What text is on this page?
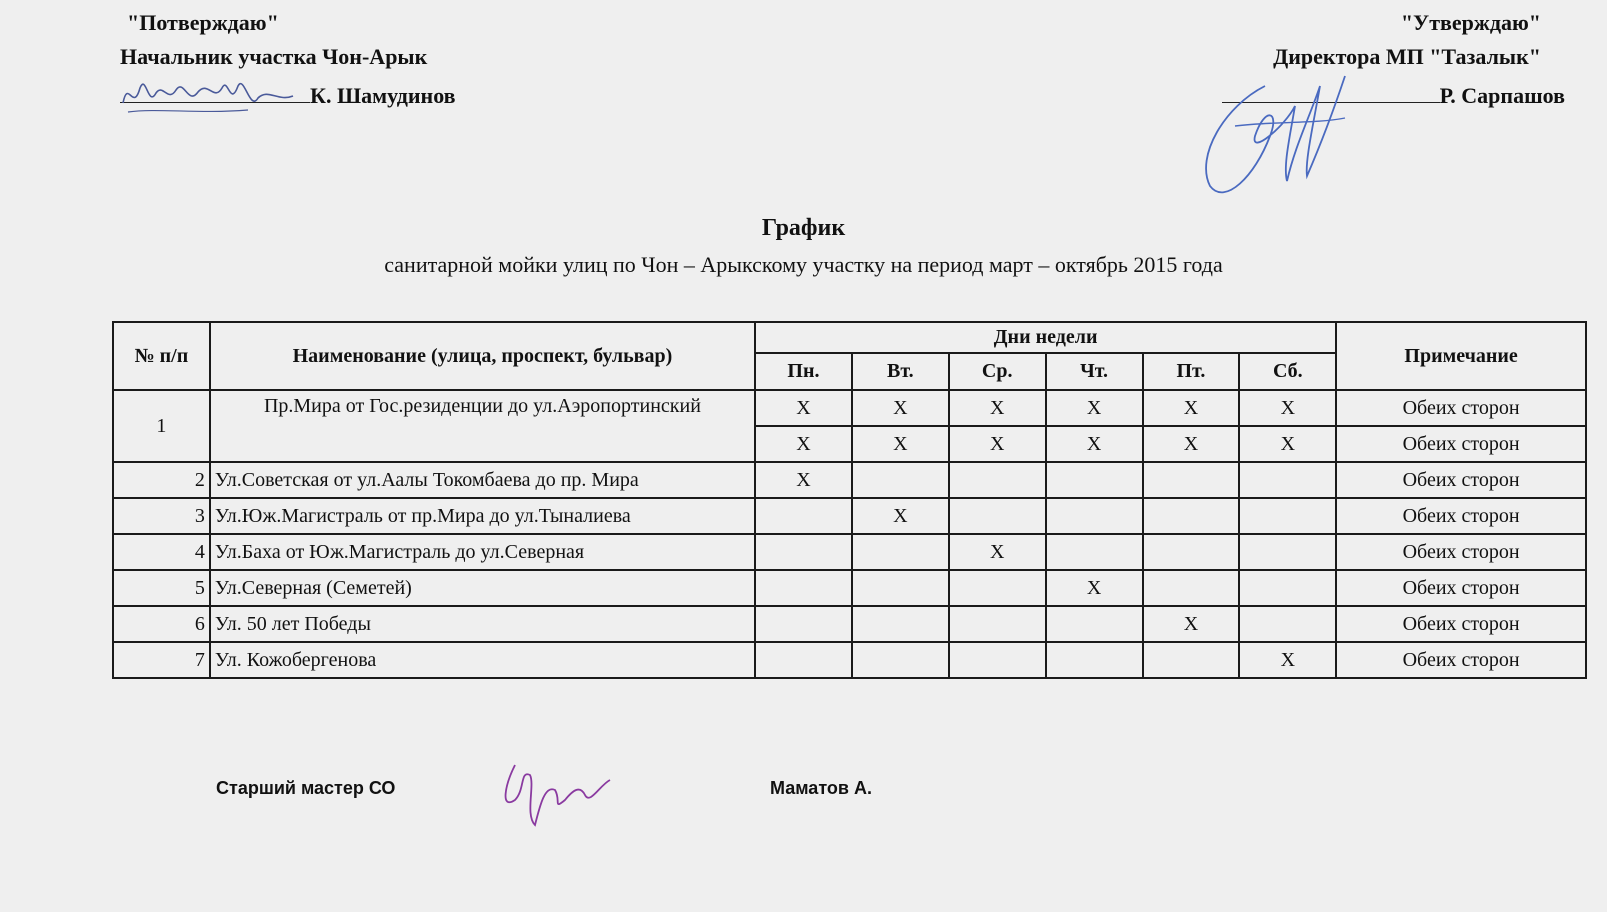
"Потверждаю"
Начальник участка Чон-Арык
К. Шамудинов
"Утверждаю"
Директора МП "Тазалык"
Р. Сарпашов
График
санитарной мойки улиц по Чон – Арыкскому участку на период март – октябрь 2015 года
№ п/п	Наименование (улица, проспект, бульвар)	Дни недели						Примечание
		Пн.	Вт.	Ср.	Чт.	Пт.	Сб.	
1	Пр.Мира от Гос.резиденции до ул.Аэропортинский	X	X	X	X	X	X	Обеих сторон
		X	X	X	X	X	X	Обеих сторон
2	Ул.Советская от ул.Аалы Токомбаева до пр. Мира	X						Обеих сторон
3	Ул.Юж.Магистраль от пр.Мира до ул.Тыналиева		X					Обеих сторон
4	Ул.Баха от Юж.Магистраль до ул.Северная			X				Обеих сторон
5	Ул.Северная (Семетей)				X			Обеих сторон
6	Ул. 50 лет Победы					X		Обеих сторон
7	Ул. Кожобергенова						X	Обеих сторон
Старший мастер СО	Маматов А.
